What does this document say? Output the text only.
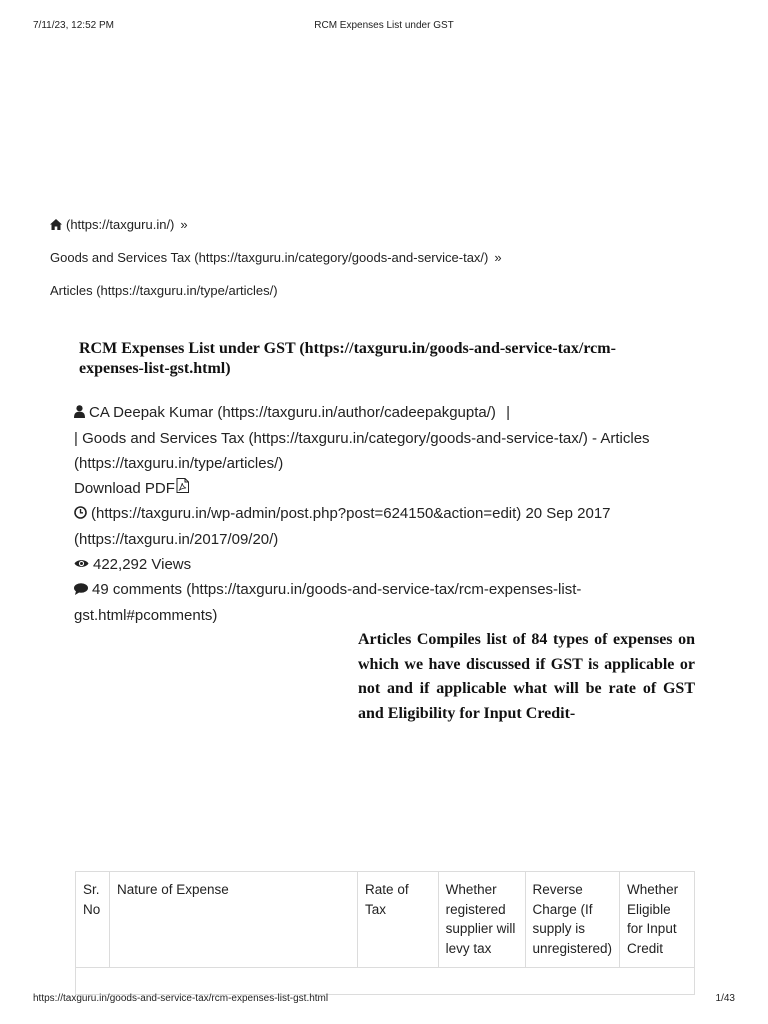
7/11/23, 12:52 PM	RCM Expenses List under GST
(https://taxguru.in/) »
Goods and Services Tax (https://taxguru.in/category/goods-and-service-tax/) »
Articles (https://taxguru.in/type/articles/)
RCM Expenses List under GST (https://taxguru.in/goods-and-service-tax/rcm-expenses-list-gst.html)
CA Deepak Kumar (https://taxguru.in/author/cadeepakgupta/) |
| Goods and Services Tax (https://taxguru.in/category/goods-and-service-tax/) - Articles
(https://taxguru.in/type/articles/)
Download PDF
(https://taxguru.in/wp-admin/post.php?post=624150&action=edit) 20 Sep 2017
(https://taxguru.in/2017/09/20/)
422,292 Views
49 comments (https://taxguru.in/goods-and-service-tax/rcm-expenses-list-
gst.html#pcomments)
Articles Compiles list of 84 types of expenses on which we have discussed if GST is applicable or not and if applicable what will be rate of GST and Eligibility for Input Credit-
Sr. No	Nature of Expense	Rate of Tax	Whether registered supplier will levy tax	Reverse Charge (If supply is unregistered)	Whether Eligible for Input Credit

https://taxguru.in/goods-and-service-tax/rcm-expenses-list-gst.html	1/43
